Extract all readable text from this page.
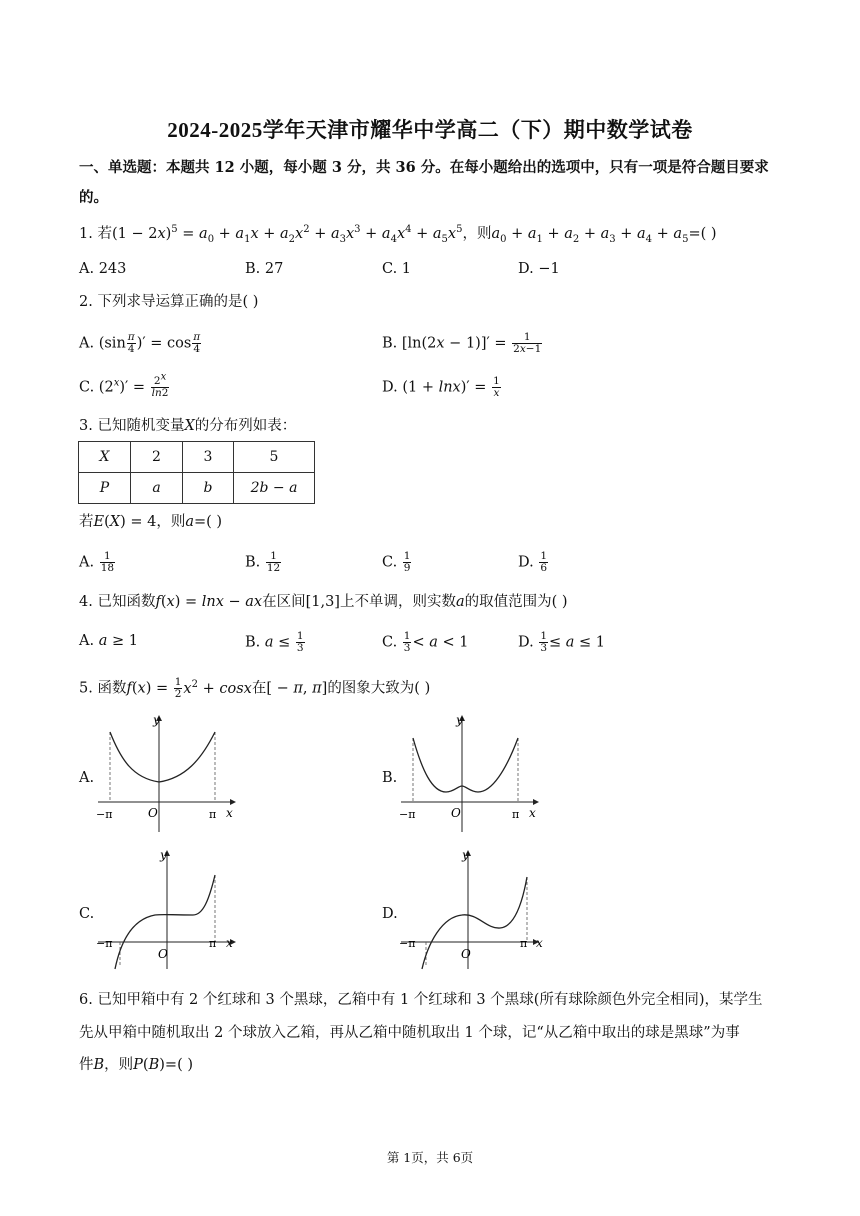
2024-2025学年天津市耀华中学高二（下）期中数学试卷
一、单选题：本题共 12 小题，每小题 3 分，共 36 分。在每小题给出的选项中，只有一项是符合题目要求
的。
1. 若$(1 - 2x)^5 = a_0 + a_1x + a_2x^2 + a_3x^3 + a_4x^4 + a_5x^5$，则$a_0 + a_1 + a_2 + a_3 + a_4 + a_5=$( )
A. 243	B. 27	C. 1	D. −1
2. 下列求导运算正确的是( )
A. ($\sin \frac{\pi}{4}$ )′ = $\cos \frac{\pi}{4}$	B. $[\ln(2x - 1)]' = \frac{1}{2x-1}$
C. $(2^x)' = \frac{2^x}{\ln 2}$	D. $(1 + \ln x)' = \frac{1}{x}$
3. 已知随机变量X的分布列如表：
X	2	3	5
P	a	b	2b − a
若E(X) = 4，则a=( )
A. $\frac{1}{18}$	B. $\frac{1}{12}$	C. $\frac{1}{9}$	D. $\frac{1}{6}$
4. 已知函数f(x) = lnx − ax在区间[1,3]上不单调，则实数a的取值范围为( )
A. a ≥ 1	B. $a \le \frac{1}{3}$	C. $\frac{1}{3} < a < 1$	D. $\frac{1}{3} \le a \le 1$
5. 函数$f(x) = \frac{1}{2} x^2 + \cos x$在[ − π, π]的图象大致为( )
A.	B.
C.	D.
y
x
O
−π	π
y
x
O
−π	π
y
x
O
−π	π
y
x
O
−π	π
6. 已知甲箱中有 2 个红球和 3 个黑球，乙箱中有 1 个红球和 3 个黑球(所有球除颜色外完全相同)，某学生
先从甲箱中随机取出 2 个球放入乙箱，再从乙箱中随机取出 1 个球，记“从乙箱中取出的球是黑球”为事
件B，则P(B)=( )
第 1页，共 6页
